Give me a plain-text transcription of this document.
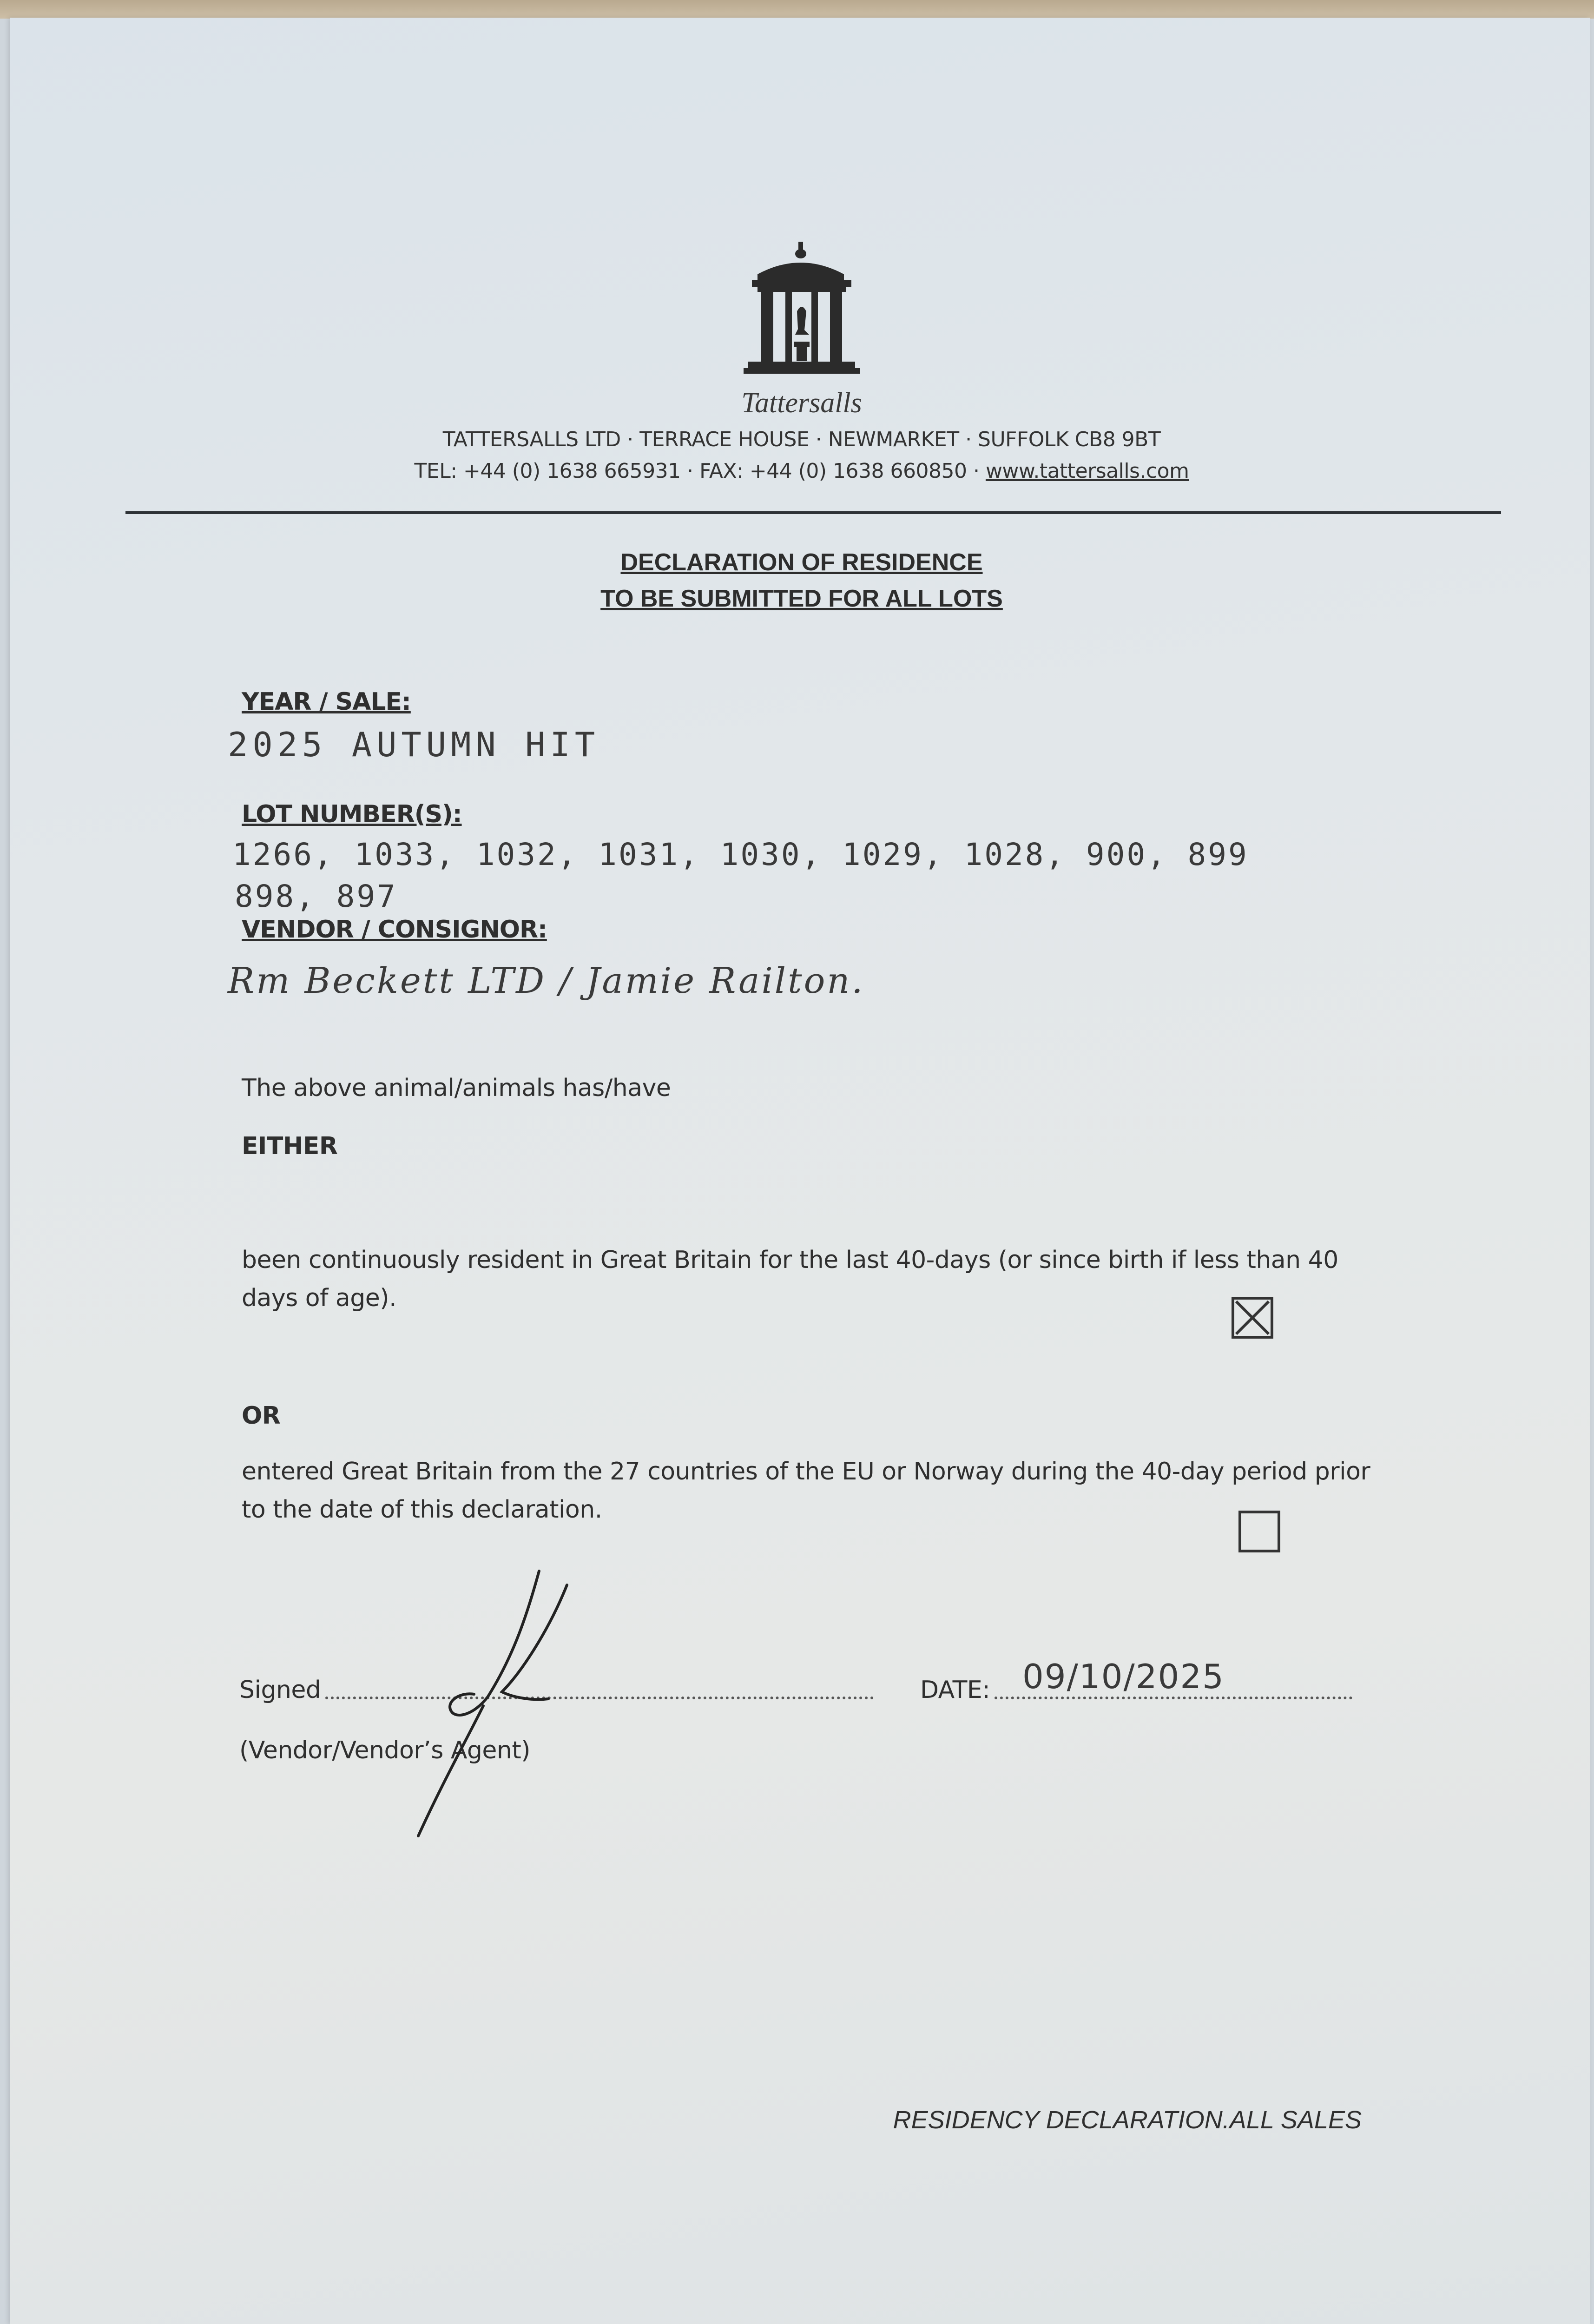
Tattersalls
TATTERSALLS LTD · TERRACE HOUSE · NEWMARKET · SUFFOLK CB8 9BT
TEL: +44 (0) 1638 665931 · FAX: +44 (0) 1638 660850 · www.tattersalls.com
DECLARATION OF RESIDENCE
TO BE SUBMITTED FOR ALL LOTS
YEAR / SALE:
2025 AUTUMN HIT
LOT NUMBER(S):
1266, 1033, 1032, 1031, 1030, 1029, 1028, 900, 899
898, 897
VENDOR / CONSIGNOR:
Rm Beckett LTD / Jamie Railton.
The above animal/animals has/have
EITHER
been continuously resident in Great Britain for the last 40-days (or since birth if less than 40 days of age).
OR
entered Great Britain from the 27 countries of the EU or Norway during the 40-day period prior to the date of this declaration.
Signed
(Vendor/Vendor’s Agent)
DATE: 09/10/2025
RESIDENCY DECLARATION.ALL SALES
